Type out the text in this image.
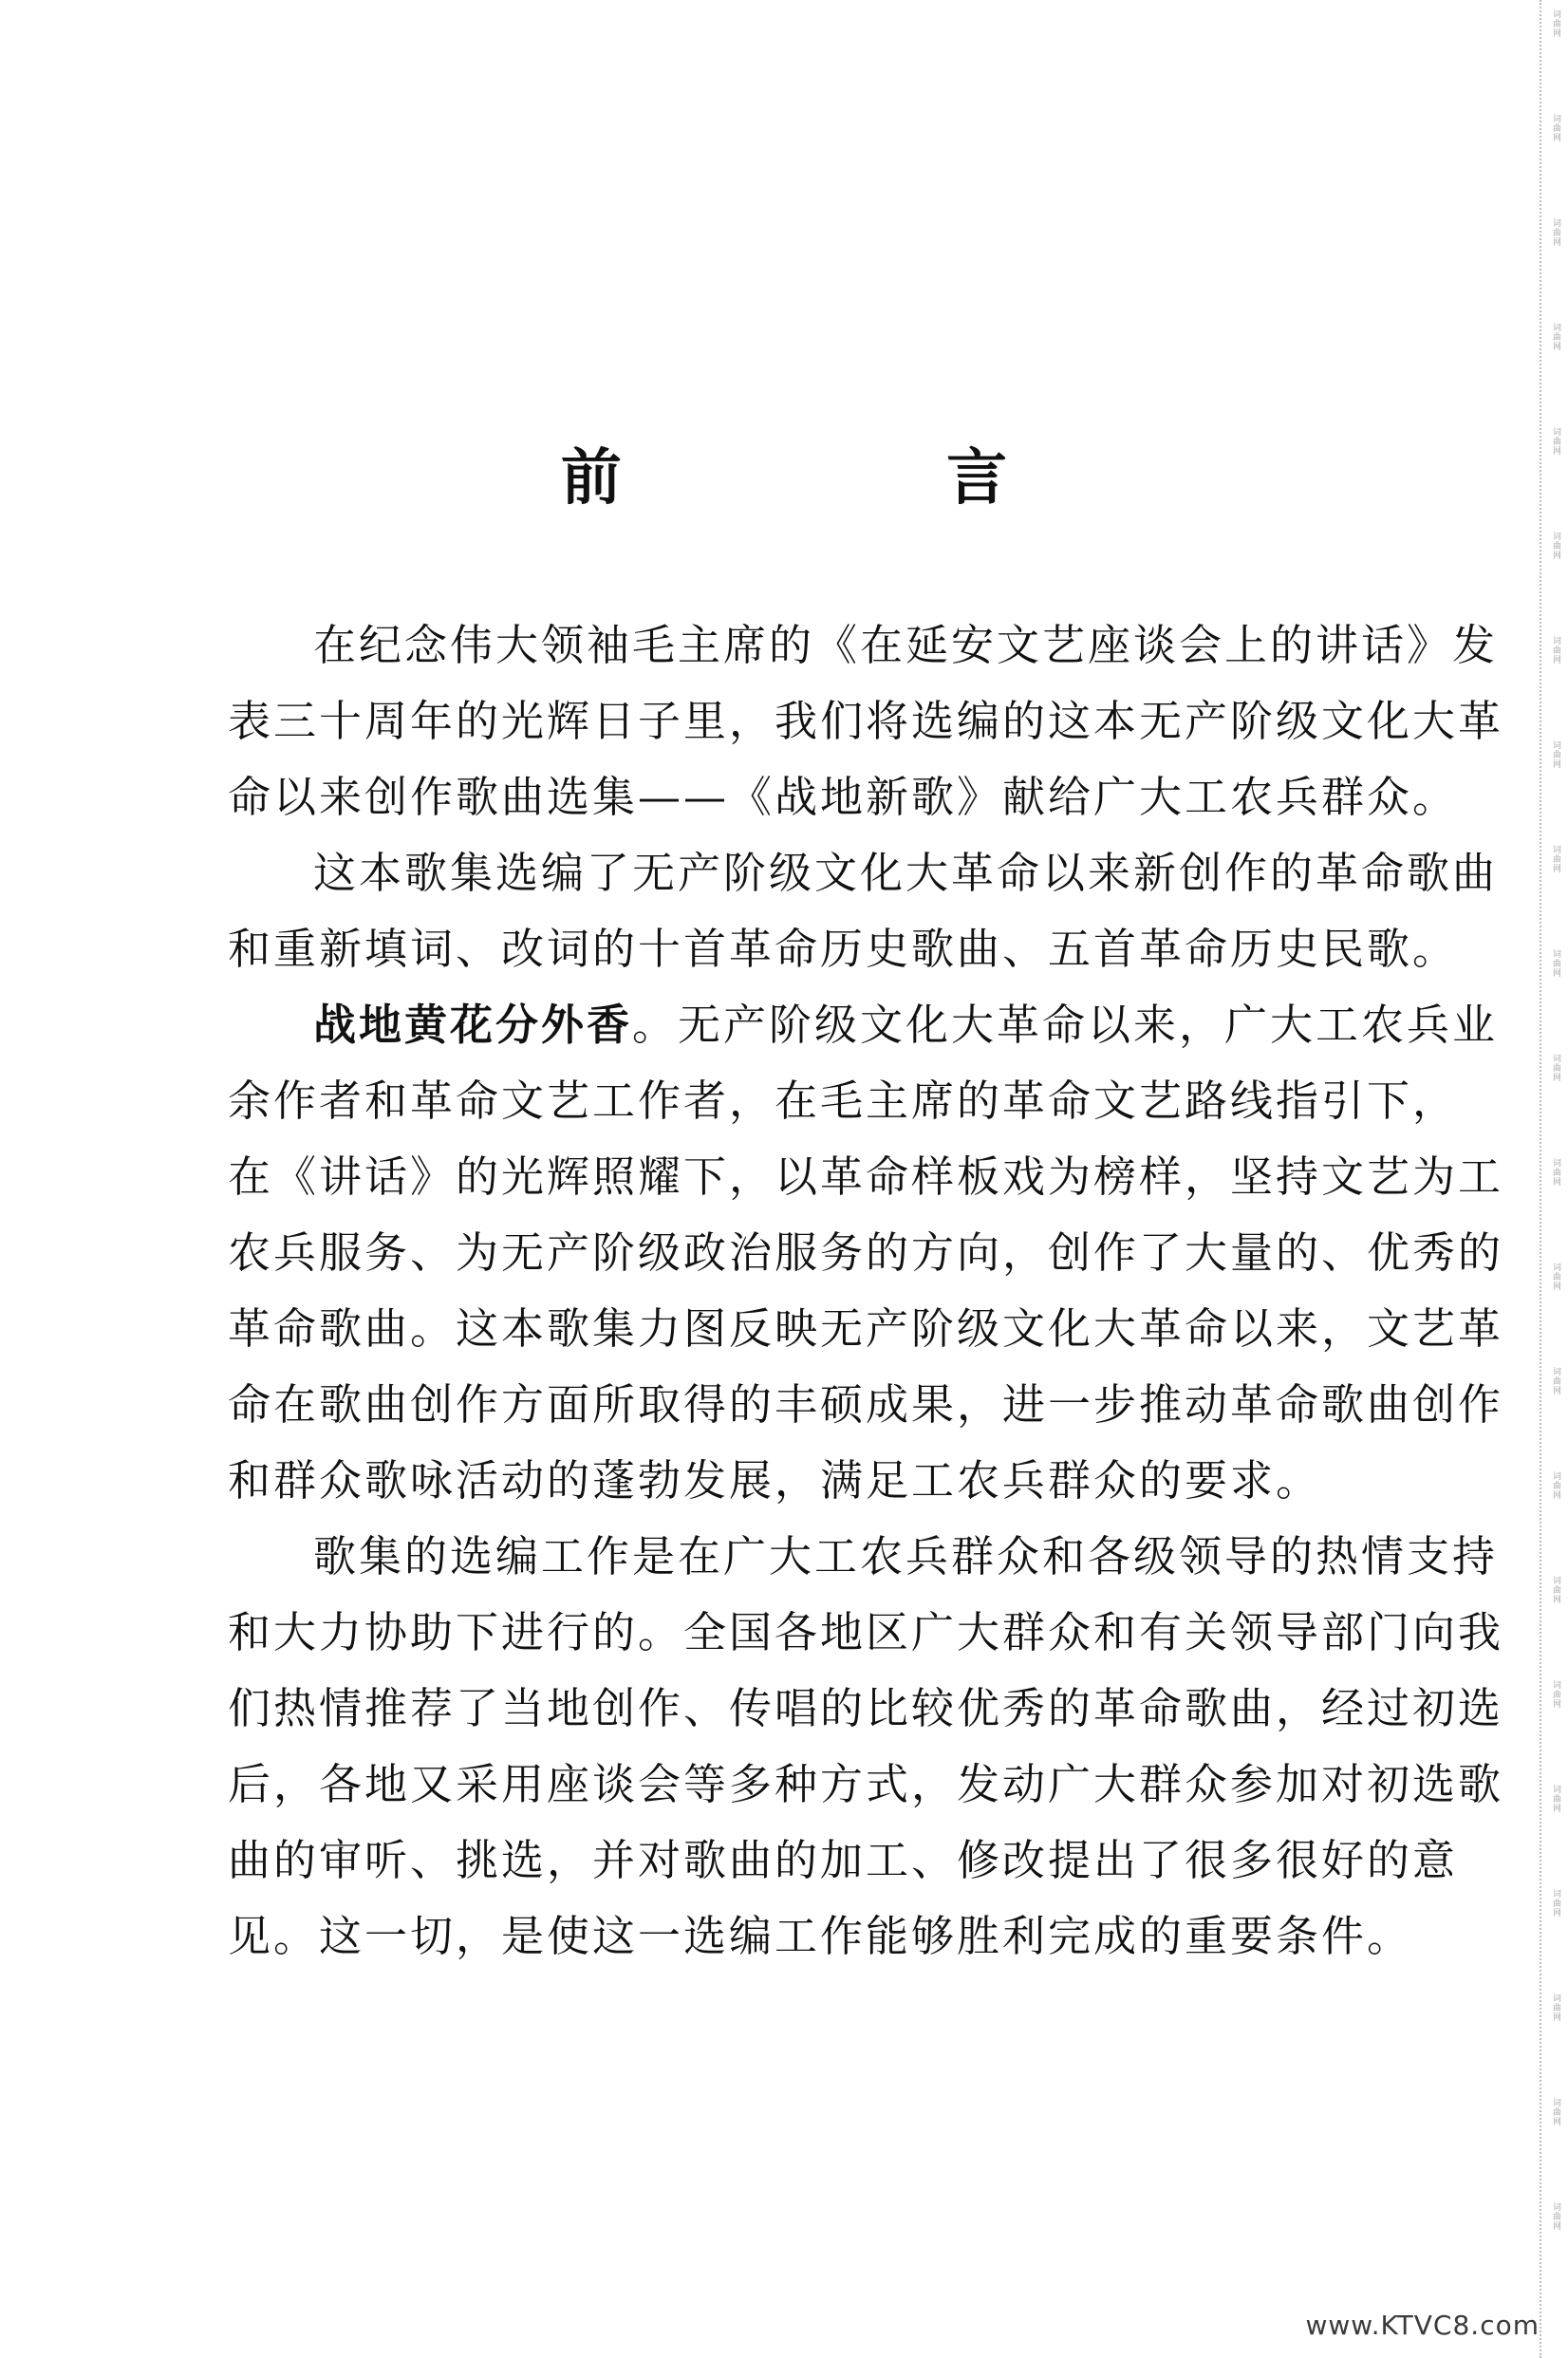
词曲网
词曲网
词曲网
词曲网
词曲网
词曲网
词曲网
词曲网
词曲网
词曲网
词曲网
词曲网
词曲网
词曲网
词曲网
词曲网
词曲网
词曲网
词曲网
词曲网
词曲网
词曲网
前 言

在纪念伟大领袖毛主席的《在延安文艺座谈会上的讲话》发
表三十周年的光辉日子里，我们将选编的这本无产阶级文化大革
命以来创作歌曲选集——《战地新歌》献给广大工农兵群众。

这本歌集选编了无产阶级文化大革命以来新创作的革命歌曲
和重新填词、改词的十首革命历史歌曲、五首革命历史民歌。

战地黄花分外香。无产阶级文化大革命以来，广大工农兵业
余作者和革命文艺工作者，在毛主席的革命文艺路线指引下，
在《讲话》的光辉照耀下，以革命样板戏为榜样，坚持文艺为工
农兵服务、为无产阶级政治服务的方向，创作了大量的、优秀的
革命歌曲。这本歌集力图反映无产阶级文化大革命以来，文艺革
命在歌曲创作方面所取得的丰硕成果，进一步推动革命歌曲创作
和群众歌咏活动的蓬勃发展，满足工农兵群众的要求。

歌集的选编工作是在广大工农兵群众和各级领导的热情支持
和大力协助下进行的。全国各地区广大群众和有关领导部门向我
们热情推荐了当地创作、传唱的比较优秀的革命歌曲，经过初选
后，各地又采用座谈会等多种方式，发动广大群众参加对初选歌
曲的审听、挑选，并对歌曲的加工、修改提出了很多很好的意
见。这一切，是使这一选编工作能够胜利完成的重要条件。

www.KTVC8.com
